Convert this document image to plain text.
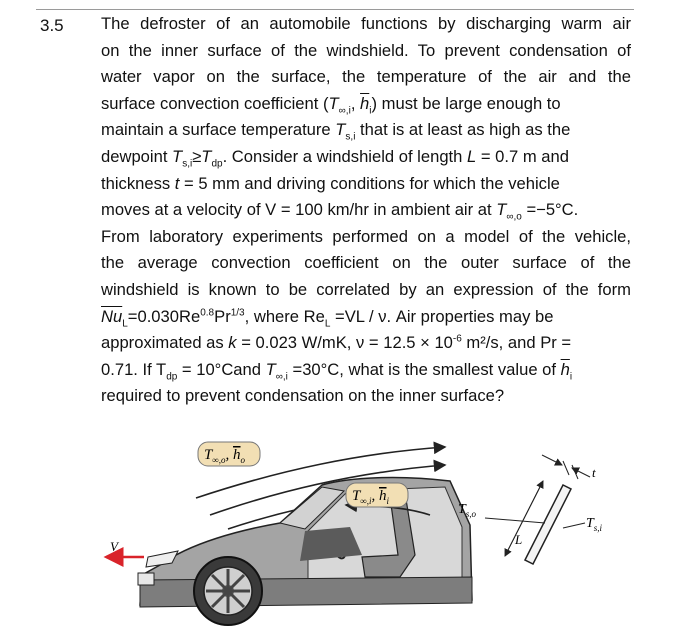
3.5 The defroster of an automobile functions by discharging warm air
on the inner surface of the windshield. To prevent condensation of
water vapor on the surface, the temperature of the air and the
surface convection coefficient ($T_{\infty,i}$, $\overline{h}_i$) must be large enough to
maintain a surface temperature $T_{s,i}$ that is at least as high as the
dewpoint $T_{s,i}\ge T_{dp}$. Consider a windshield of length L = 0.7 m and
thickness t = 5 mm and driving conditions for which the vehicle
moves at a velocity of V = 100 km/hr in ambient air at $T_{\infty,o} =-5^\circ C$.
From laboratory experiments performed on a model of the vehicle,
the average convection coefficient on the outer surface of the
windshield is known to be correlated by an expression of the form
$\overline{Nu}_L=0.030Re^{0.8}Pr^{1/3}$, where $Re_L =VL / \nu$. Air properties may be
approximated as k = 0.023 W/mK, $\nu = 12.5 \times 10^{-6}$ m²/s, and Pr =
0.71. If $T_{dp}$ = 10°Cand $T_{\infty,i} =30^\circ C$, what is the smallest value of $\overline{h}_i$
required to prevent condensation on the inner surface?
V
$T_{\infty,o}$, $h_o$
$T_{\infty,i}$, $h_i$
t
L
$T_{s,o}$
$T_{s,i}$
